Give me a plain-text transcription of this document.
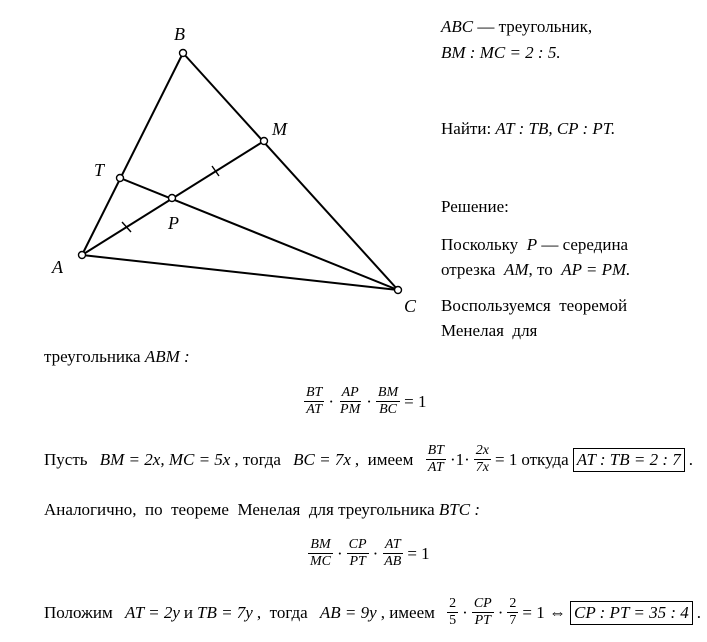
B
M
T
P
A
C
ABC — треугольник,
BM : MC = 2 : 5.
Найти: AT : TB, CP : PT.
Решение:
Поскольку P — середина
отрезка AM, то AP = PM.
Воспользуемся  теоремой
Менелая  для
треугольника ABM :
$\frac{BT}{AT} \cdot \frac{AP}{PM} \cdot \frac{BM}{BC} = 1$
Пусть
BM = 2x, MC = 5x , тогда
BC = 7x ,  имеем
$\frac{BT}{AT} \cdot 1\cdot \frac{2x}{7x} = 1$ откуда AT : TB = 2 : 7 .
Аналогично,  по  теореме  Менелая  для треугольника BTC :
$\frac{BM}{MC} \cdot \frac{CP}{PT} \cdot \frac{AT}{AB} = 1$
Положим
AT = 2y и TB = 7y ,  тогда
AB = 9y , имеем
$\frac{2}{5} \cdot \frac{CP}{PT} \cdot \frac{2}{7} = 1$ ⇔ CP : PT = 35 : 4 .
